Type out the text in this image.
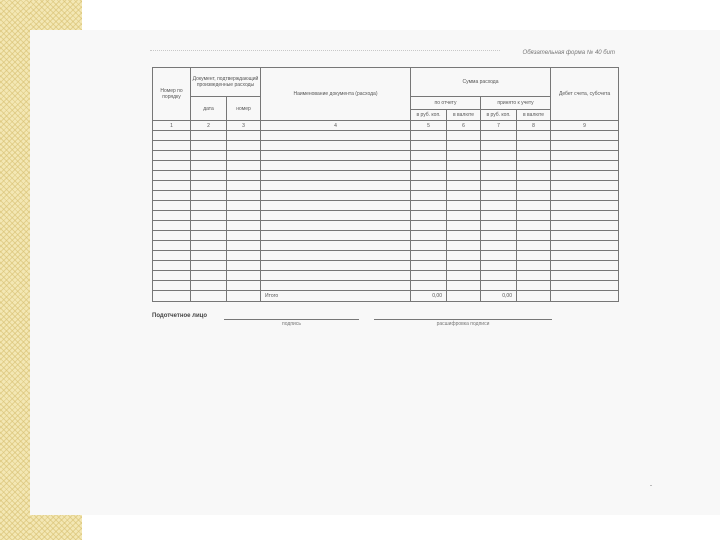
Обязательная форма № 40 бит
Номер по порядку	Документ, подтверждающий произведенные расходы		Наименование документа (расхода)	Сумма расхода				Дебет счета, субсчета
	дата	номер		по отчету		принято к учету		
				в руб. коп.	в валюте	в руб. коп.	в валюте	
1	2	3	4	5	6	7	8	9

			Итого	0,00		0,00		
Подотчетное лицо
подпись	расшифровка подписи
